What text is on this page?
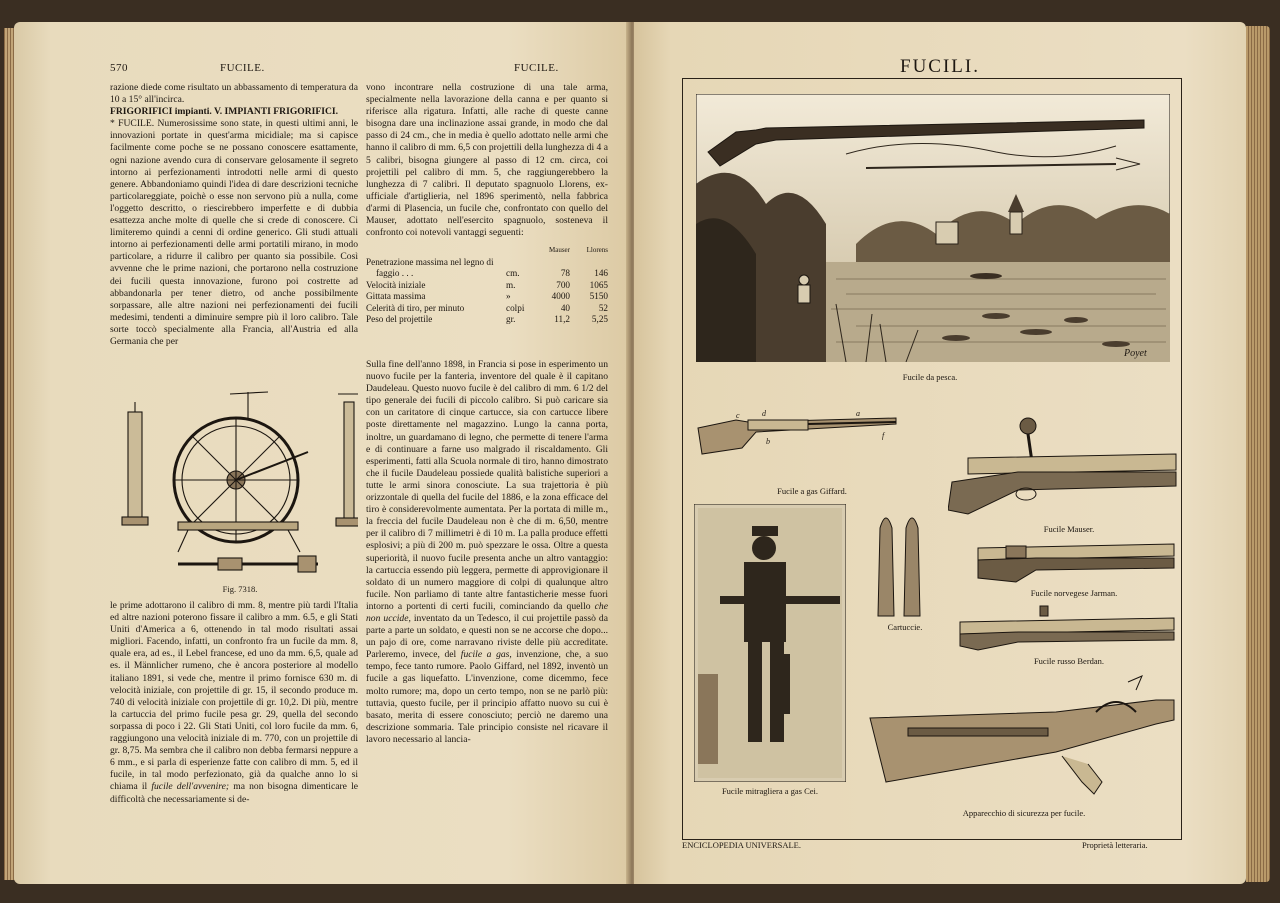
570	FUCILE.	FUCILE.

razione diede come risultato un abbassamento di temperatura da 10 a 15° all'incirca.

FRIGORIFICI impianti. V. IMPIANTI FRIGORIFICI.

* FUCILE. Numerosissime sono state, in questi ultimi anni, le innovazioni portate in quest'arma micidiale; ma si capisce facilmente come poche se ne possano conoscere esattamente, ogni nazione avendo cura di conservare gelosamente il segreto intorno ai perfezionamenti introdotti nelle armi di questo genere. Abbandoniamo quindi l'idea di dare descrizioni tecniche particolareggiate, poichè o esse non servono più a nulla, come l'oggetto descritto, o riescirebbero imperfette e di dubbia esattezza anche molte di quelle che si crede di conoscere. Ci limiteremo quindi a cenni di ordine generico. Gli studi attuali intorno ai perfezionamenti delle armi portatili mirano, in modo particolare, a ridurre il calibro per quanto sia possibile. Così avvenne che le prime nazioni, che portarono nella costruzione dei fucili questa innovazione, furono poi costrette ad abbandonarla per tener dietro, od anche possibilmente sorpassare, alle altre nazioni nei perfezionamenti dei fucili medesimi, tendenti a diminuire sempre più il loro calibro. Tale sorte toccò specialmente alla Francia, all'Austria ed alla Germania che per

Fig. 7318.

le prime adottarono il calibro di mm. 8, mentre più tardi l'Italia ed altre nazioni poterono fissare il calibro a mm. 6.5, e gli Stati Uniti d'America a 6, ottenendo in tal modo risultati assai migliori. Facendo, infatti, un confronto fra un fucile da mm. 8, quale era, ad es., il Lebel francese, ed uno da mm. 6,5, quale ad es. il Männlicher rumeno, che è ancora posteriore al modello italiano 1891, si vede che, mentre il primo fornisce 630 m. di velocità iniziale, con projettile di gr. 15, il secondo produce m. 740 di velocità iniziale con projettile di gr. 10,2. Di più, mentre la cartuccia del primo fucile pesa gr. 29, quella del secondo sorpassa di poco i 22. Gli Stati Uniti, col loro fucile da mm. 6, raggiungono una velocità iniziale di m. 770, con un projettile di gr. 8,75. Ma sembra che il calibro non debba fermarsi neppure a 6 mm., e si parla di esperienze fatte con calibro di mm. 5, ed il fucile, in tal modo perfezionato, già da qualche anno lo si chiama il fucile dell'avvenire; ma non bisogna dimenticare le difficoltà che necessariamente si de-

vono incontrare nella costruzione di una tale arma, specialmente nella lavorazione della canna e per quanto si riferisce alla rigatura. Infatti, alle rache di queste canne bisogna dare una inclinazione assai grande, in modo che dal passo di 24 cm., che in media è quello adottato nelle armi che hanno il calibro di mm. 6,5 con projettili della lunghezza di 4 a 5 calibri, bisogna giungere al passo di 12 cm. circa, coi projettili pel calibro di mm. 5, che raggiungerebbero la lunghezza di 7 calibri. Il deputato spagnuolo Llorens, ex-ufficiale d'artiglieria, nel 1896 sperimentò, nella fabbrica d'armi di Plasencia, un fucile che, confrontato con quello del Mauser, adottato nell'esercito spagnuolo, sosteneva il confronto coi notevoli vantaggi seguenti:

		Mauser	Llorens
Penetrazione massima nel legno di			
faggio . . .	cm.	78	146
Velocità iniziale	m.	700	1065
Gittata massima	»	4000	5150
Celerità di tiro, per minuto	colpi	40	52
Peso del projettile	gr.	11,2	5,25

Sulla fine dell'anno 1898, in Francia si pose in esperimento un nuovo fucile per la fanteria, inventore del quale è il capitano Daudeleau. Questo nuovo fucile è del calibro di mm. 6 1/2 del tipo generale dei fucili di piccolo calibro. Si può caricare sia con un caritatore di cinque cartucce, sia con cartucce libere poste direttamente nel magazzino. Lungo la canna porta, inoltre, un guardamano di legno, che permette di tenere l'arma e di continuare a farne uso malgrado il riscaldamento. Gli esperimenti, fatti alla Scuola normale di tiro, hanno dimostrato che il fucile Daudeleau possiede qualità balistiche superiori a tutte le armi sinora conosciute. La sua trajettoria è più orizzontale di quella del fucile del 1886, e la zona efficace del tiro è considerevolmente aumentata. Per la portata di mille m., la freccia del fucile Daudeleau non è che di m. 6,50, mentre per il calibro di 7 millimetri è di 10 m. La palla produce effetti esplosivi; a più di 200 m. può spezzare le ossa. Oltre a questa superiorità, il nuovo fucile presenta anche un altro vantaggio: la cartuccia essendo più leggera, permette di approvigionare il soldato di un numero maggiore di colpi di qualunque altro fucile. Non parliamo di tante altre fantasticherie messe fuori intorno a portenti di certi fucili, cominciando da quello che non uccide, inventato da un Tedesco, il cui projettile passò da parte a parte un soldato, e questi non se ne accorse che dopo... un pajo di ore, come narravano riviste delle più accreditate. Parleremo, invece, del fucile a gas, invenzione, che, a suo tempo, fece tanto rumore. Paolo Giffard, nel 1892, inventò un fucile a gas liquefatto. L'invenzione, come dicemmo, fece molto rumore; ma, dopo un certo tempo, non se ne parlò più: tuttavia, questo fucile, per il principio affatto nuovo su cui è basato, merita di essere conosciuto; perciò ne daremo una descrizione sommaria. Tale principio consiste nel ricavare il lavoro necessario al lancia-

FUCILI.
Poyet
Fucile da pesca.
d	a
c
b
f
Fucile a gas Giffard.
Fucile Mauser.
Cartuccie.
Fucile norvegese Jarman.
Fucile russo Berdan.
Fucile mitragliera a gas Cei.
Apparecchio di sicurezza per fucile.
ENCICLOPEDIA UNIVERSALE.	Proprietà letteraria.
